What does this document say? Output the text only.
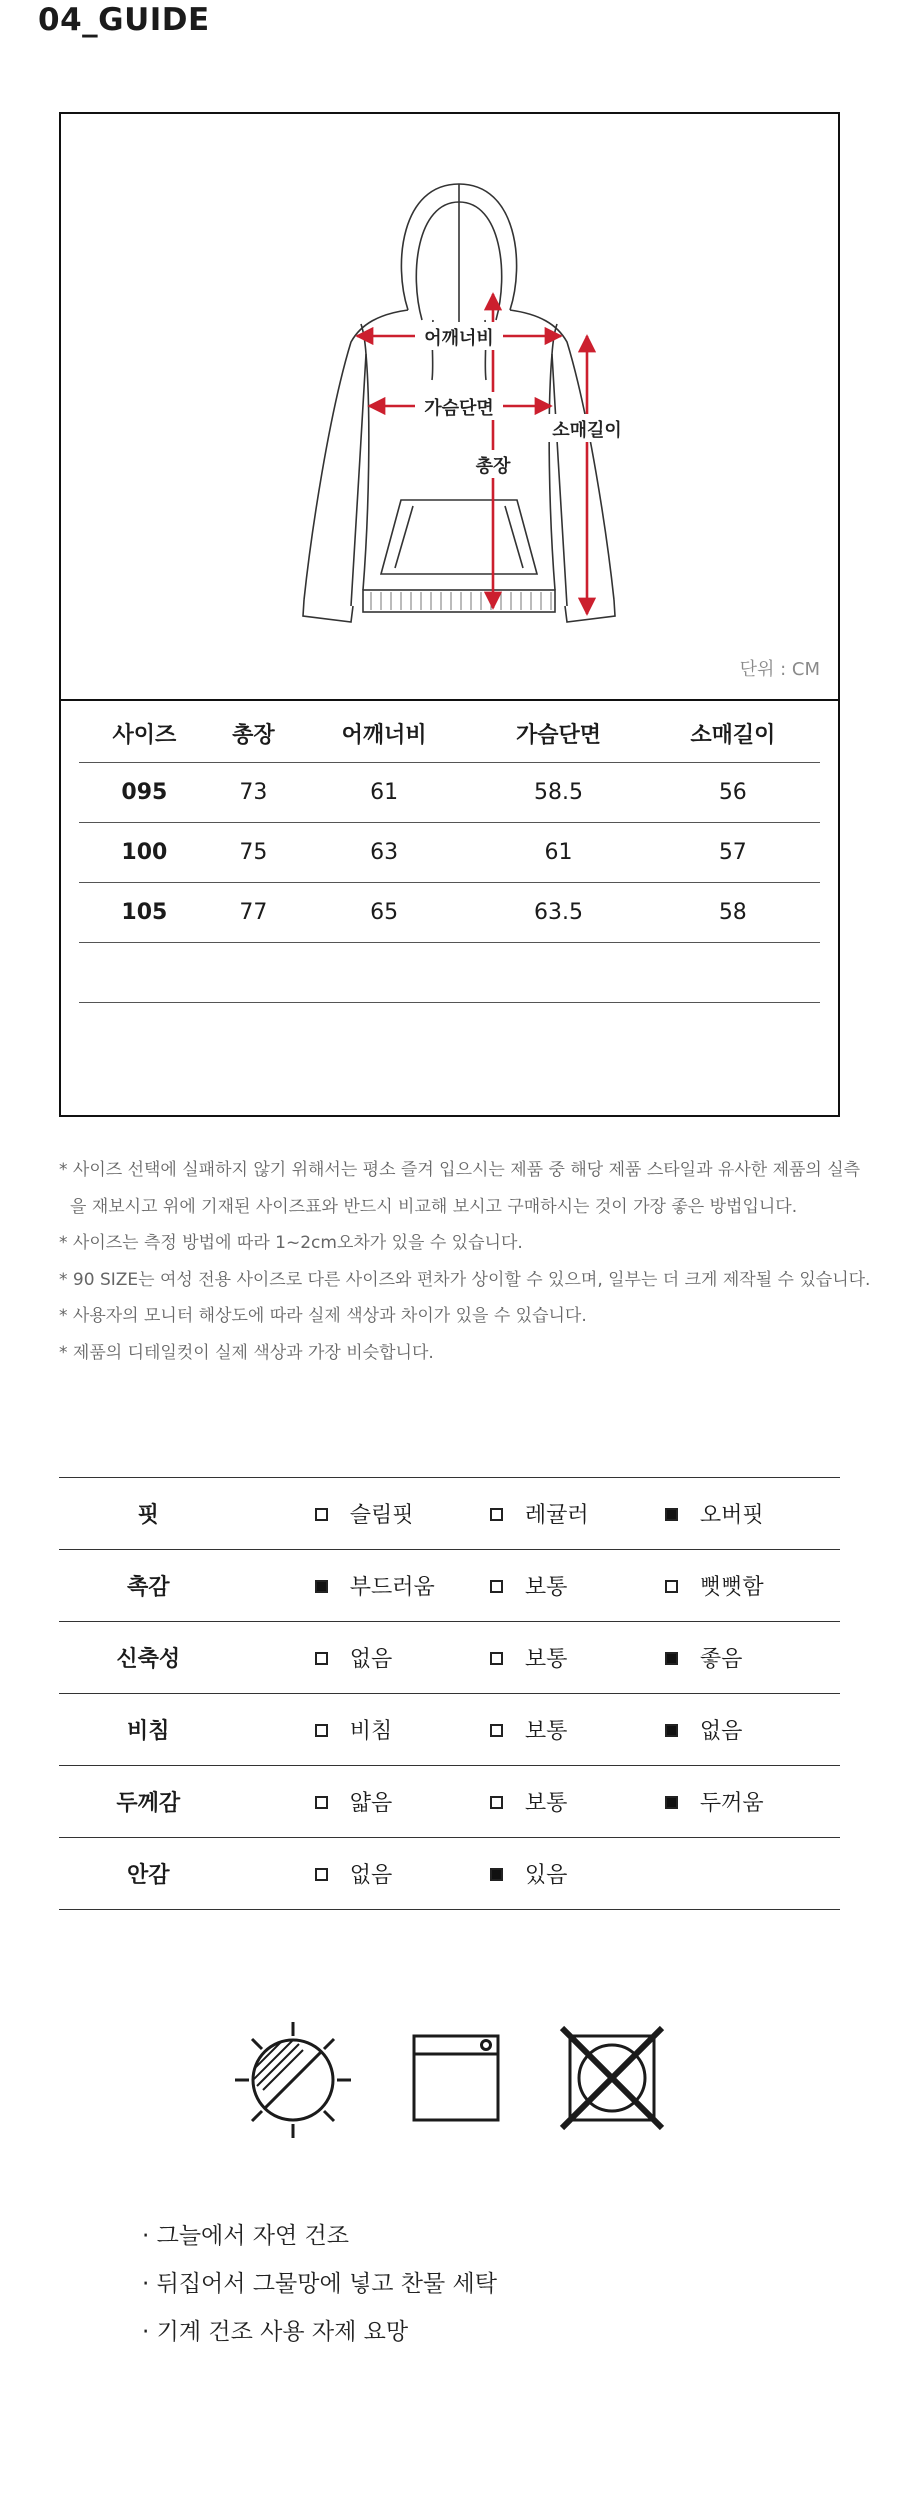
04_GUIDE
어깨너비
가슴단면
총장
소매길이
단위 : CM
사이즈	총장	어깨너비	가슴단면	소매길이
095	73	61	58.5	56
100	75	63	61	57
105	77	65	63.5	58

* 사이즈 선택에 실패하지 않기 위해서는 평소 즐겨 입으시는 제품 중 해당 제품 스타일과 유사한 제품의 실측

을 재보시고 위에 기재된 사이즈표와 반드시 비교해 보시고 구매하시는 것이 가장 좋은 방법입니다.

* 사이즈는 측정 방법에 따라 1~2cm오차가 있을 수 있습니다.

* 90 SIZE는 여성 전용 사이즈로 다른 사이즈와 편차가 상이할 수 있으며, 일부는 더 크게 제작될 수 있습니다.

* 사용자의 모니터 해상도에 따라 실제 색상과 차이가 있을 수 있습니다.

* 제품의 디테일컷이 실제 색상과 가장 비슷합니다.

핏		슬림핏	레귤러	오버핏
촉감		부드러움	보통	뻣뻣함
신축성		없음	보통	좋음
비침		비침	보통	없음
두께감		얇음	보통	두꺼움
안감		없음	있음	

· 그늘에서 자연 건조

· 뒤집어서 그물망에 넣고 찬물 세탁

· 기계 건조 사용 자제 요망
